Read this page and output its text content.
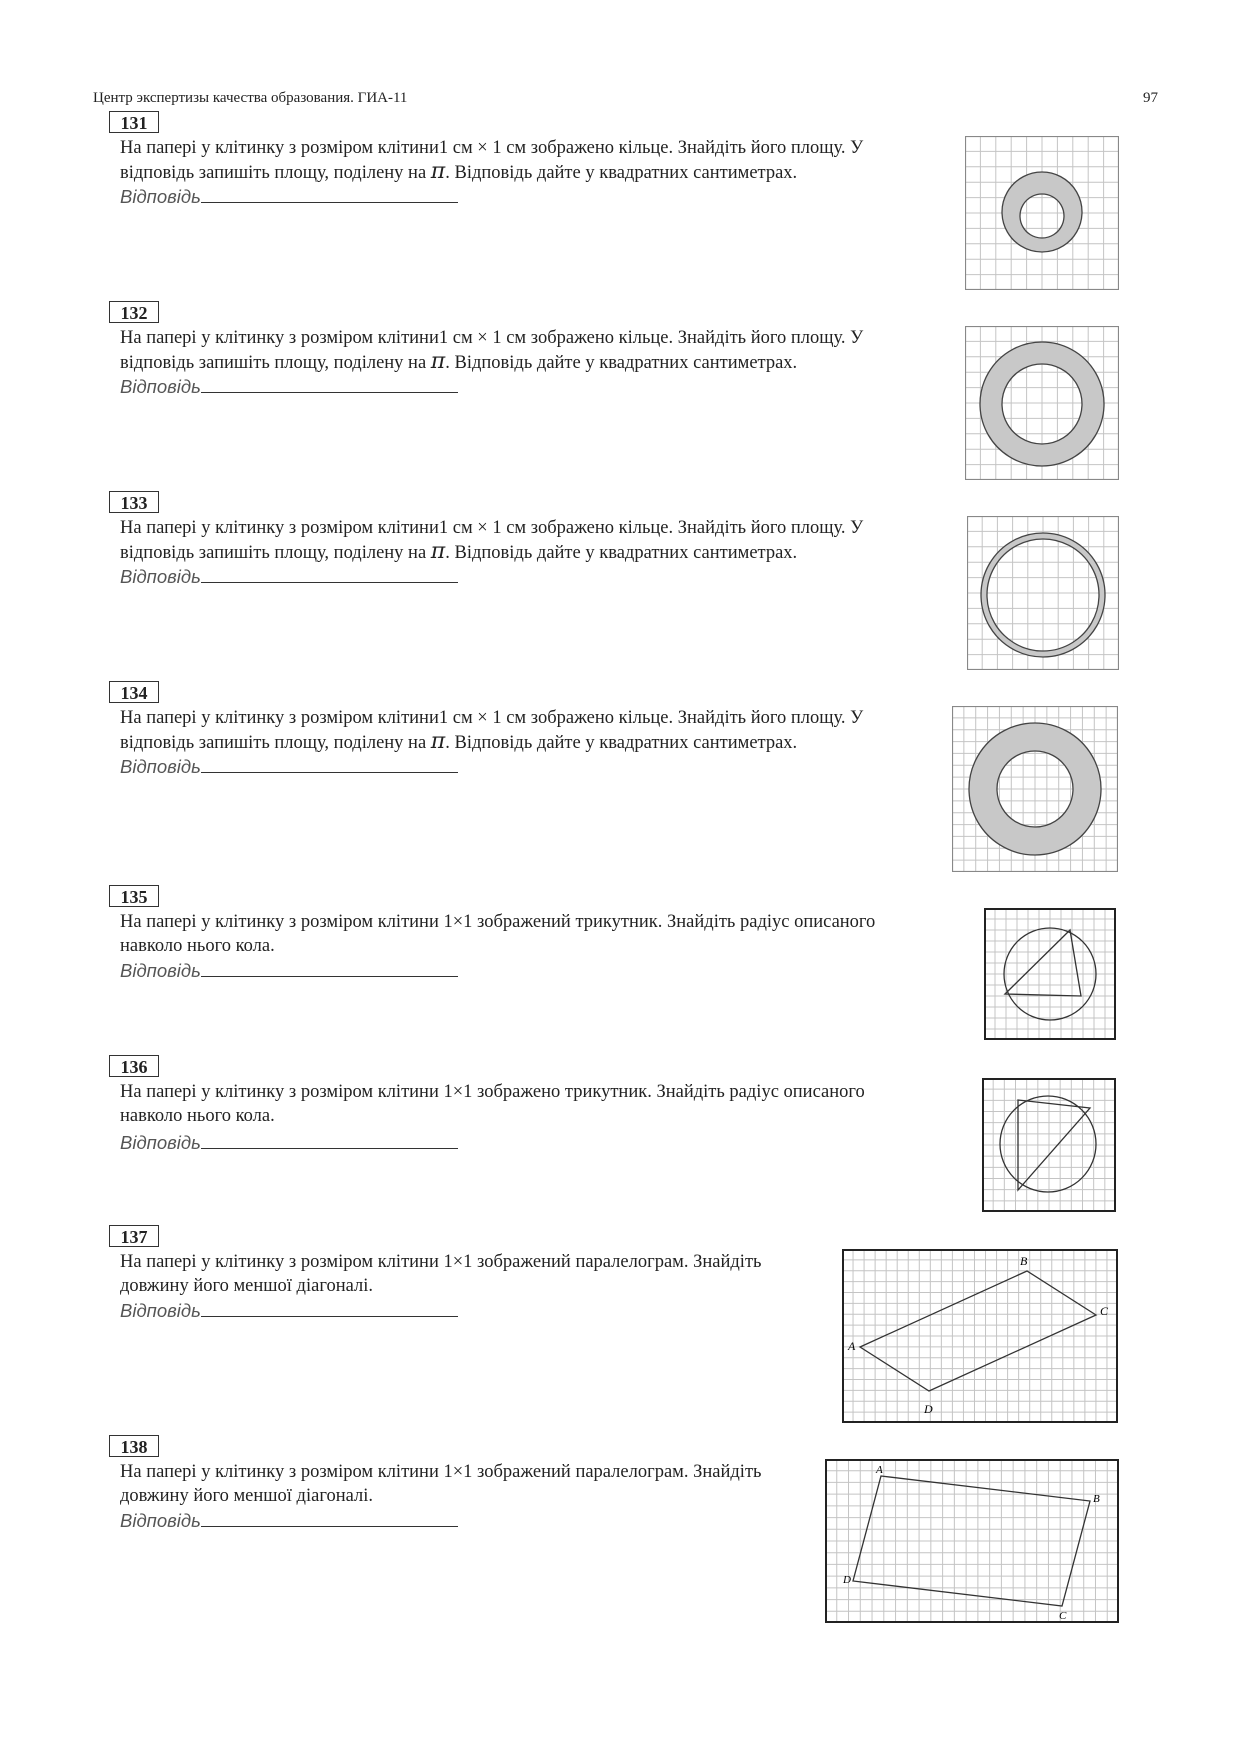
Центр экспертизы качества образования. ГИА-11	97
131
На папері у клітинку з розміром клітини1 см × 1 см зображено кільце. Знайдіть його площу. У
відповідь запишіть площу, поділену на π. Відповідь дайте у квадратних сантиметрах.
Відповідь
132
На папері у клітинку з розміром клітини1 см × 1 см зображено кільце. Знайдіть його площу. У
відповідь запишіть площу, поділену на π. Відповідь дайте у квадратних сантиметрах.
Відповідь
133
На папері у клітинку з розміром клітини1 см × 1 см зображено кільце. Знайдіть його площу. У
відповідь запишіть площу, поділену на π. Відповідь дайте у квадратних сантиметрах.
Відповідь
134
На папері у клітинку з розміром клітини1 см × 1 см зображено кільце. Знайдіть його площу. У
відповідь запишіть площу, поділену на π. Відповідь дайте у квадратних сантиметрах.
Відповідь
135
На папері у клітинку з розміром клітини 1×1 зображений трикутник. Знайдіть радіус описаного
навколо нього кола.
Відповідь
136
На папері у клітинку з розміром клітини 1×1 зображено трикутник. Знайдіть радіус описаного
навколо нього кола.
Відповідь
137
На папері у клітинку з розміром клітини 1×1 зображений паралелограм. Знайдіть
довжину його меншої діагоналі.
Відповідь
A
B
C
D
138
На папері у клітинку з розміром клітини 1×1 зображений паралелограм. Знайдіть
довжину його меншої діагоналі.
Відповідь
A
B
C
D
